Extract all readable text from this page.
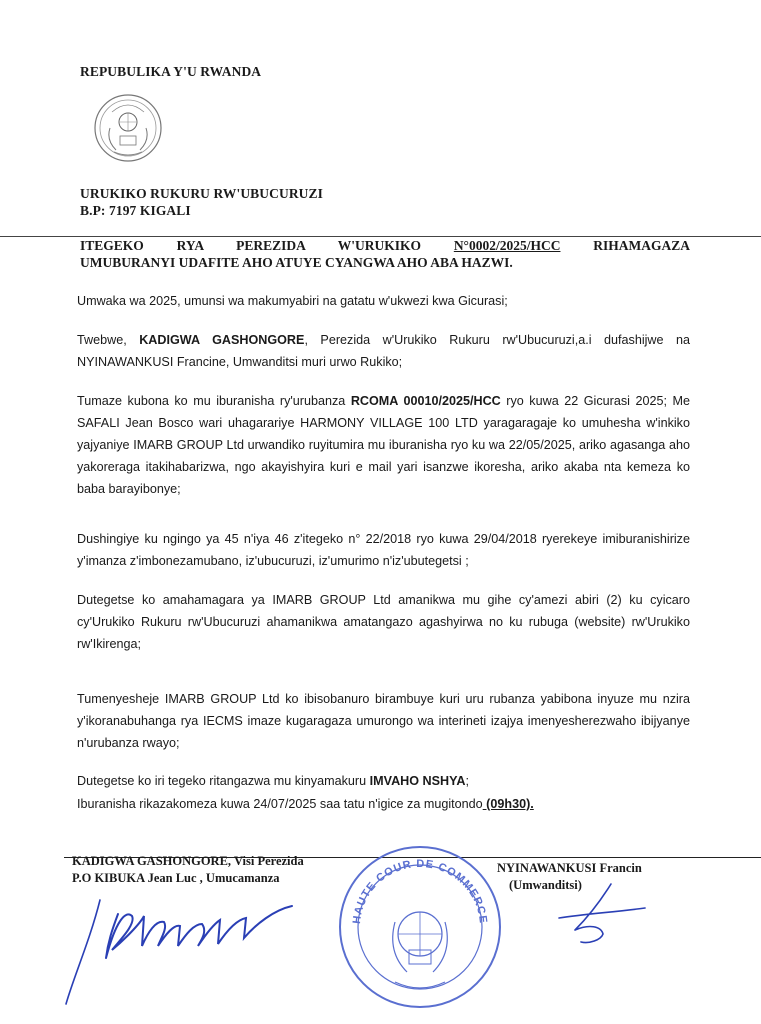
REPUBULIKA Y'U RWANDA
URUKIKO RUKURU RW'UBUCURUZI
B.P: 7197 KIGALI
ITEGEKO RYA PEREZIDA W'URUKIKO N°0002/2025/HCC RIHAMAGAZA
UMUBURANYI UDAFITE AHO ATUYE CYANGWA AHO ABA HAZWI.

Umwaka wa 2025, umunsi wa makumyabiri na gatatu w'ukwezi kwa Gicurasi;

Twebwe, KADIGWA GASHONGORE, Perezida w'Urukiko Rukuru rw'Ubucuruzi,a.i dufashijwe na NYINAWANKUSI Francine, Umwanditsi muri urwo Rukiko;

Tumaze kubona ko mu iburanisha ry'urubanza RCOMA 00010/2025/HCC ryo kuwa 22 Gicurasi 2025; Me SAFALI Jean Bosco wari uhagarariye HARMONY VILLAGE 100 LTD yaragaragaje ko umuhesha w'inkiko yajyaniye IMARB GROUP Ltd urwandiko ruyitumira mu iburanisha ryo ku wa 22/05/2025, ariko agasanga aho yakoreraga itakihabarizwa, ngo akayishyira kuri e mail yari isanzwe ikoresha, ariko akaba nta kemeza ko baba barayibonye;

Dushingiye ku ngingo ya 45 n'iya 46 z'itegeko n° 22/2018 ryo kuwa 29/04/2018 ryerekeye imiburanishirize y'imanza z'imbonezamubano, iz'ubucuruzi, iz'umurimo n'iz'ubutegetsi ;

Dutegetse ko amahamagara ya IMARB GROUP Ltd amanikwa mu gihe cy'amezi abiri (2) ku cyicaro cy'Urukiko Rukuru rw'Ubucuruzi ahamanikwa amatangazo agashyirwa no ku rubuga (website) rw'Urukiko rw'Ikirenga;

Tumenyesheje IMARB GROUP Ltd ko ibisobanuro birambuye kuri uru rubanza yabibona inyuze mu nzira y'ikoranabuhanga rya IECMS imaze kugaragaza umurongo wa interineti izajya imenyesherezwaho ibijyanye n'urubanza rwayo;

Dutegetse ko iri tegeko ritangazwa mu kinyamakuru IMVAHO NSHYA;

Iburanisha rikazakomeza kuwa 24/07/2025 saa tatu n'igice za mugitondo (09h30).

KADIGWA GASHONGORE, Visi Perezida
P.O KIBUKA Jean Luc , Umucamanza
NYINAWANKUSI Francin
(Umwanditsi)
HAUTE COUR DE COMMERCE
